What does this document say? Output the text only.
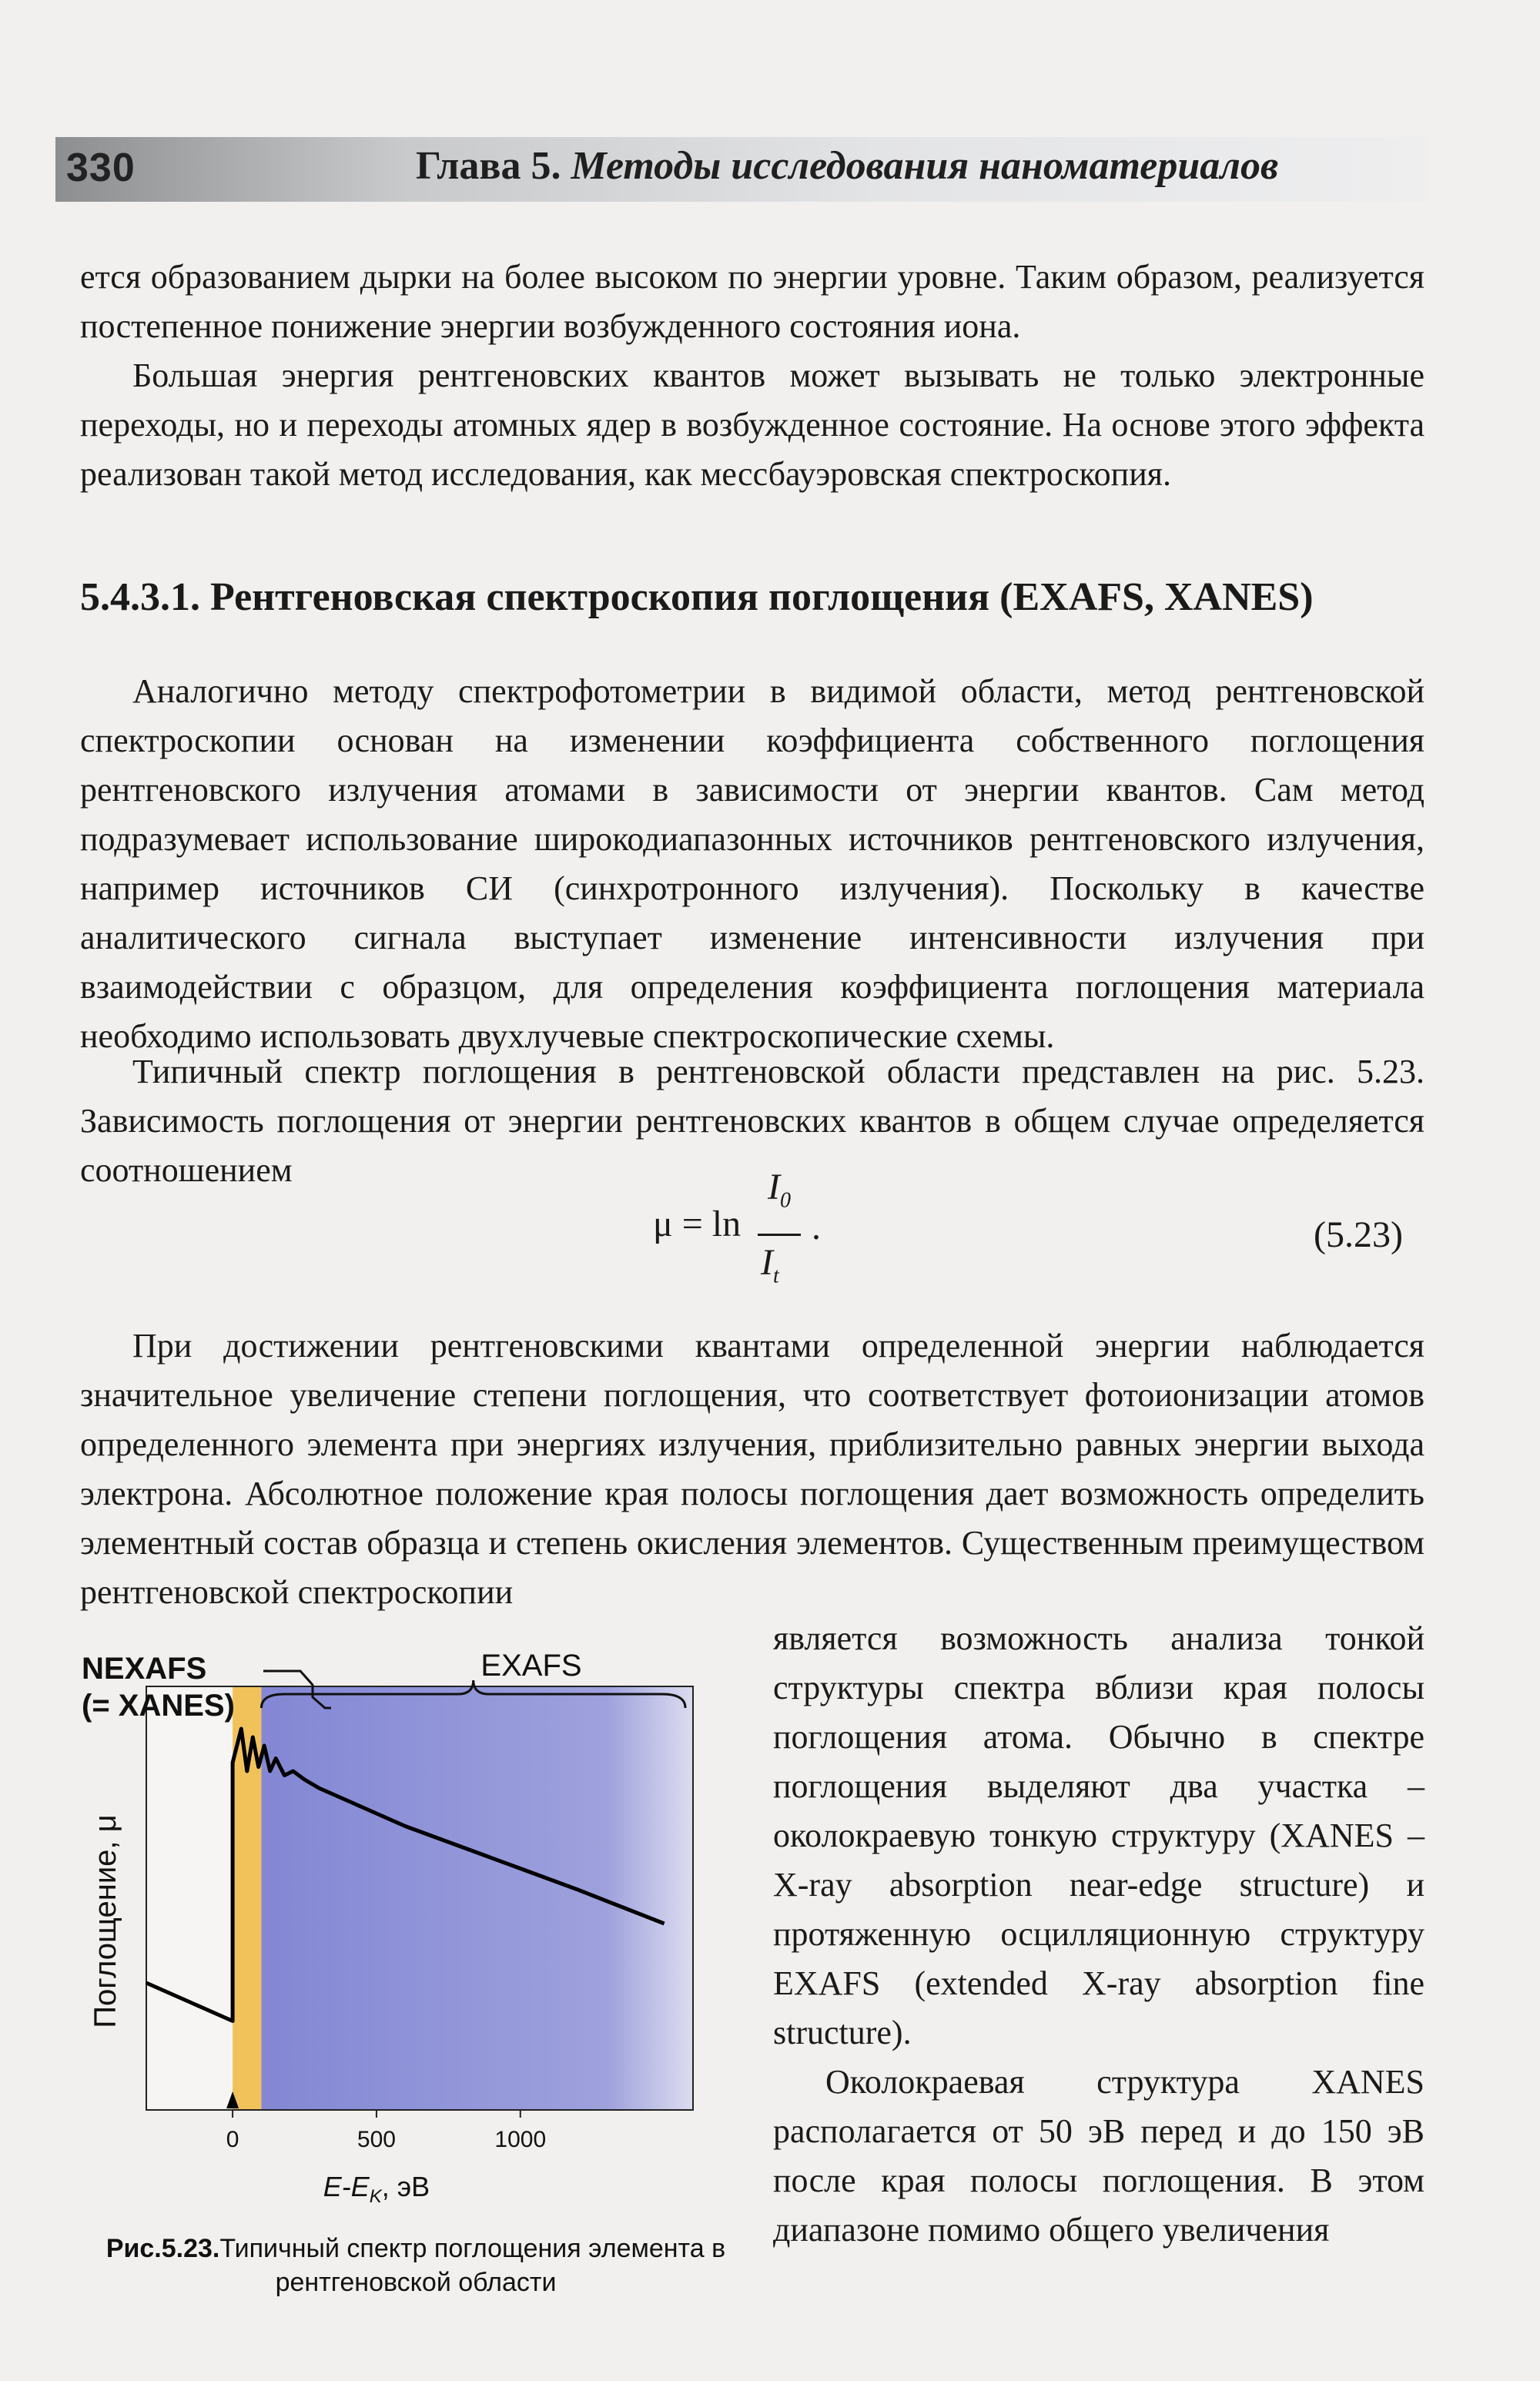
330	Глава 5. Методы исследования наноматериалов

ется образованием дырки на более высоком по энергии уровне. Таким образом, реализуется постепенное понижение энергии возбужденного состояния иона.

Большая энергия рентгеновских квантов может вызывать не только электронные переходы, но и переходы атомных ядер в возбужденное состояние. На основе этого эффекта реализован такой метод исследования, как мессбауэровская спектроскопия.

5.4.3.1. Рентгеновская спектроскопия поглощения (EXAFS, XANES)

Аналогично методу спектрофотометрии в видимой области, метод рентгеновской спектроскопии основан на изменении коэффициента собственного поглощения рентгеновского излучения атомами в зависимости от энергии квантов. Сам метод подразумевает использование широкодиапазонных источников рентгеновского излучения, например источников СИ (синхротронного излучения). Поскольку в качестве аналитического сигнала выступает изменение интенсивности излучения при взаимодействии с образцом, для определения коэффициента поглощения материала необходимо использовать двухлучевые спектроскопические схемы.

Типичный спектр поглощения в рентгеновской области представлен на рис. 5.23. Зависимость поглощения от энергии рентгеновских квантов в общем случае определяется соотношением

μ = ln
$I_0$
$I_t$
.	(5.23)

При достижении рентгеновскими квантами определенной энергии наблюдается значительное увеличение степени поглощения, что соответствует фотоионизации атомов определенного элемента при энергиях излучения, приблизительно равных энергии выхода электрона. Абсолютное положение края полосы поглощения дает возможность определить элементный состав образца и степень окисления элементов. Существенным преимуществом рентгеновской спектроскопии

является возможность анализа тонкой структуры спектра вблизи края полосы поглощения атома. Обычно в спектре поглощения выделяют два участка – околокраевую тонкую структуру (XANES – X-ray absorption near-edge structure) и протяженную осцилляционную структуру EXAFS (extended X-ray absorption fine structure).

Околокраевая структура XANES располагается от 50 эВ перед и до 150 эВ после края полосы поглощения. В этом диапазоне помимо общего увеличения

0	500	1000
$E-E_K$, эВ
Поглощение, μ
NEXAFS
(= XANES)
EXAFS
Рис.5.23.Типичный спектр поглощения элемента в рентгеновской области
